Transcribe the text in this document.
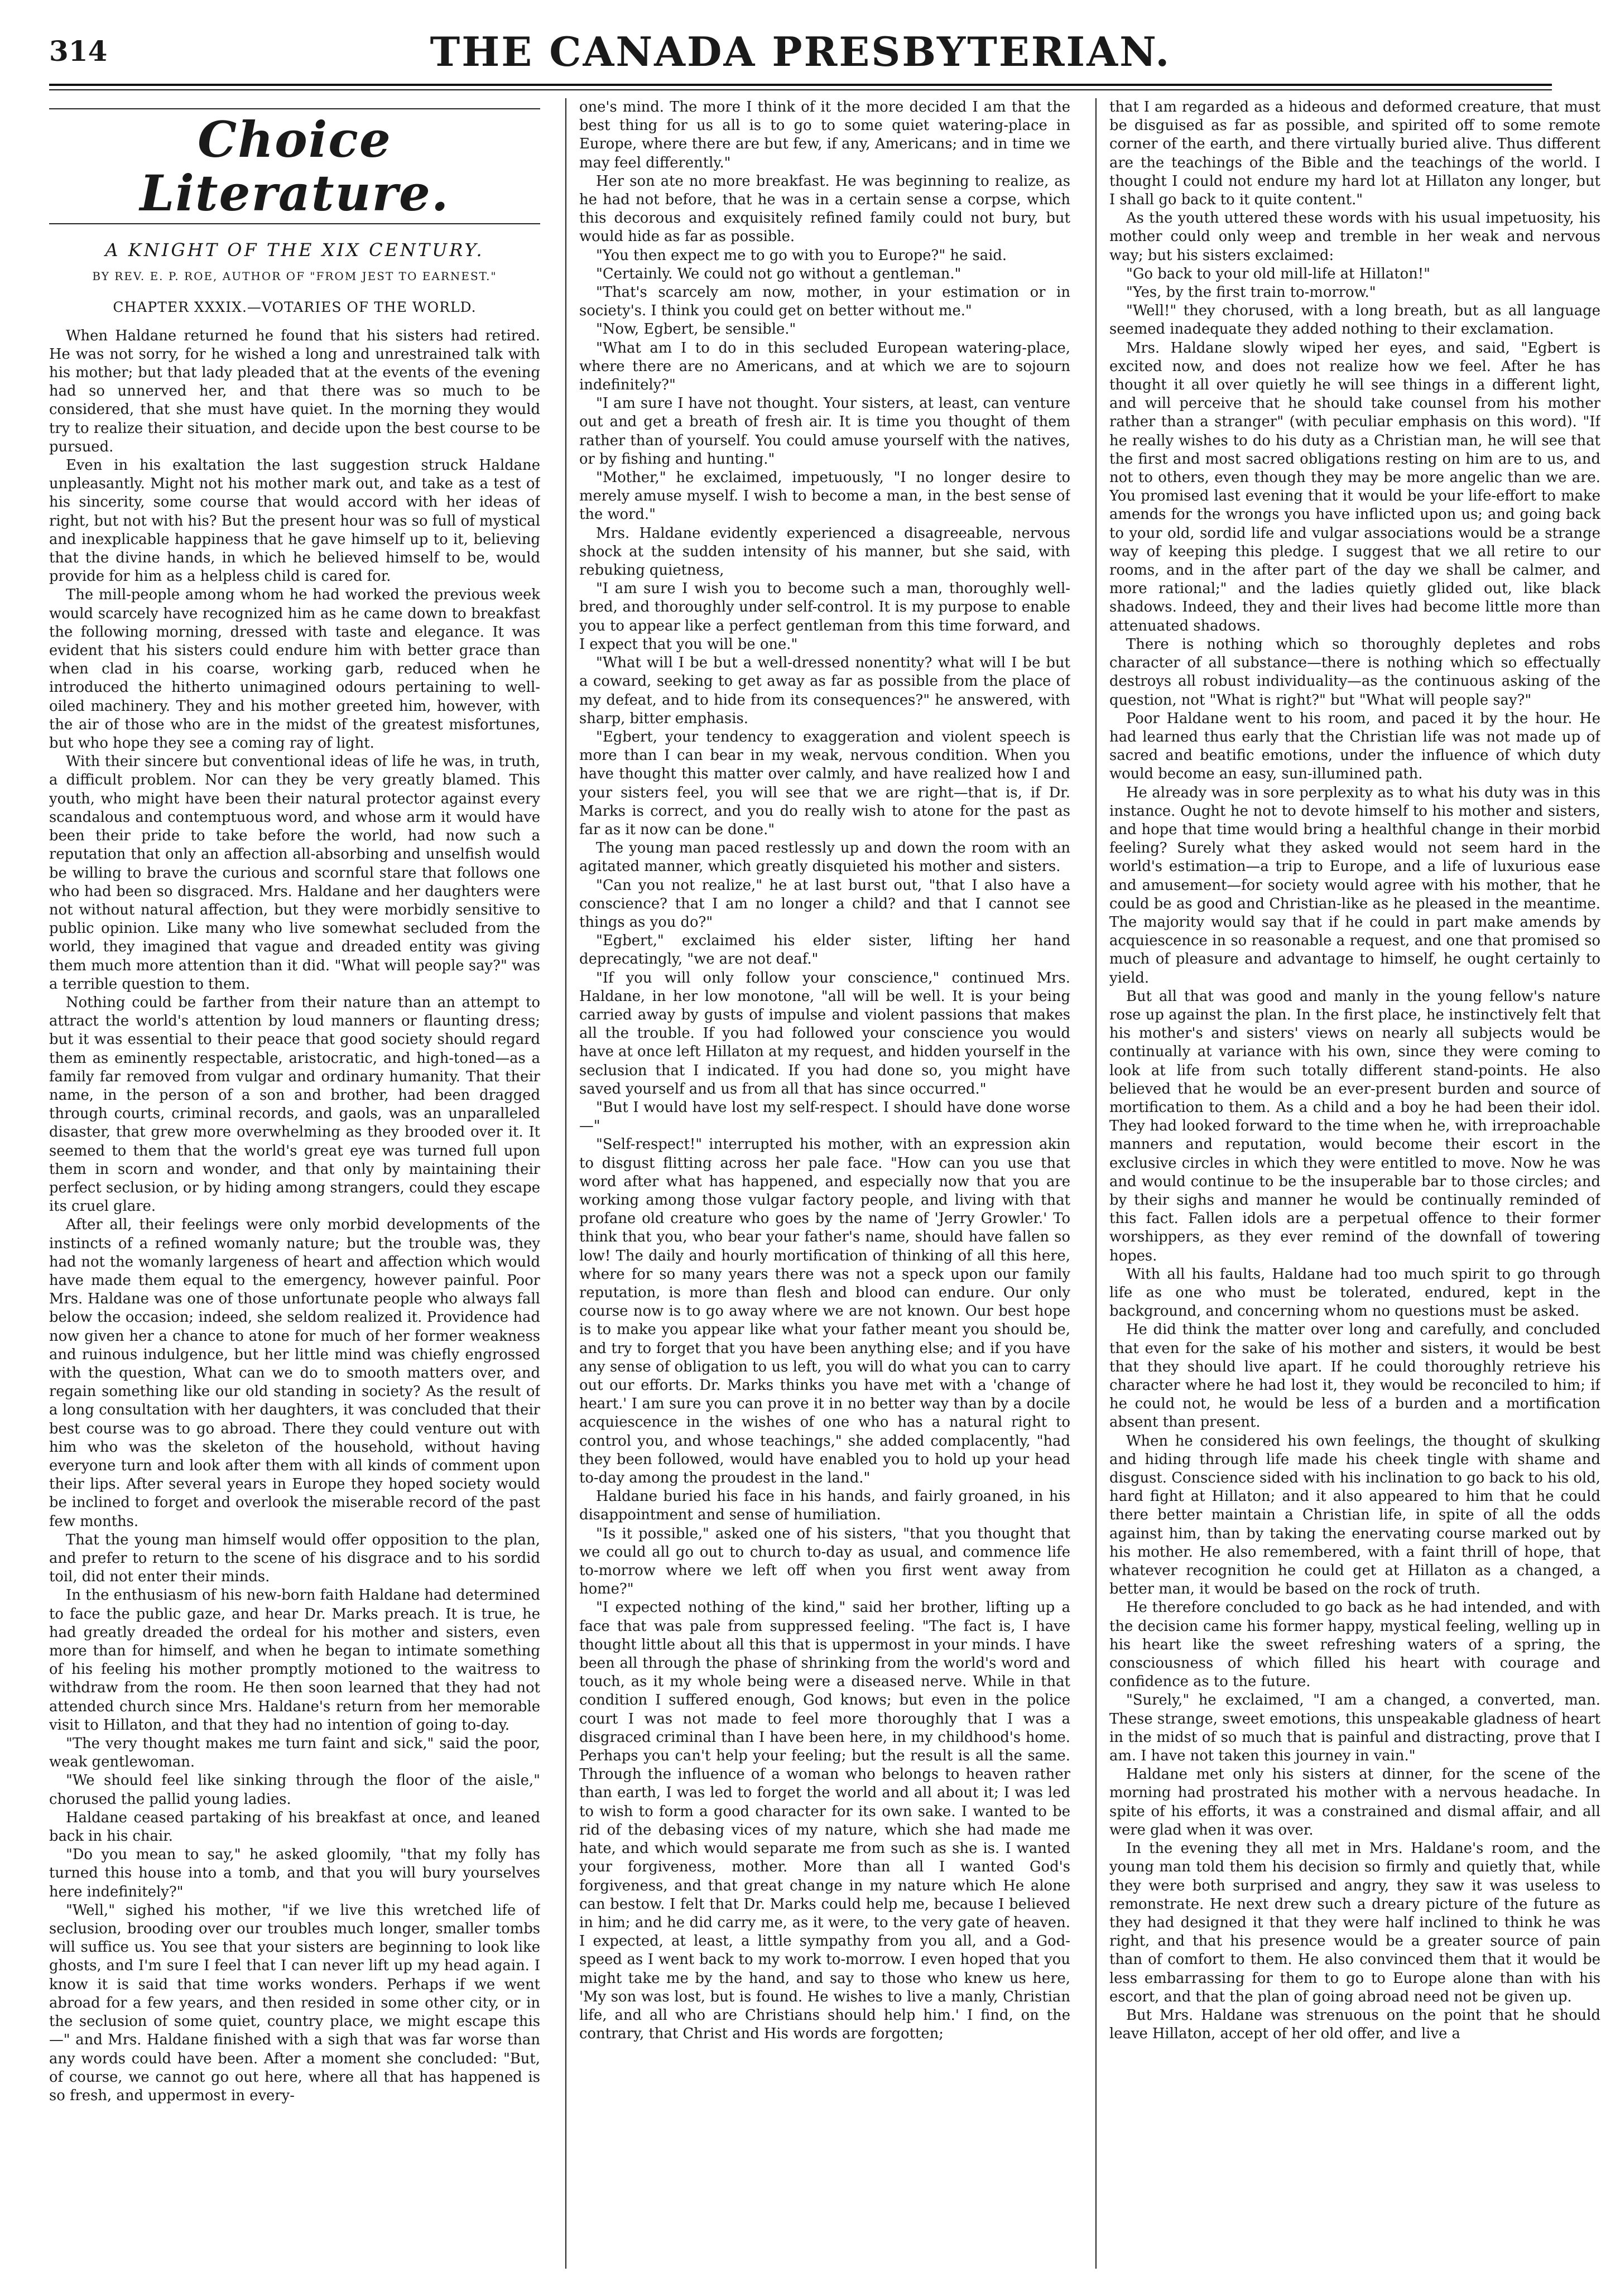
314	THE CANADA PRESBYTERIAN.
Choice Literature.
A KNIGHT OF THE XIX CENTURY.
BY REV. E. P. ROE, AUTHOR OF "FROM JEST TO EARNEST."
CHAPTER XXXIX.—VOTARIES OF THE WORLD.

When Haldane returned he found that his sisters had retired. He was not sorry, for he wished a long and unrestrained talk with his mother; but that lady pleaded that at the events of the evening had so unnerved her, and that there was so much to be considered, that she must have quiet. In the morning they would try to realize their situation, and decide upon the best course to be pursued.

Even in his exaltation the last suggestion struck Haldane unpleasantly. Might not his mother mark out, and take as a test of his sincerity, some course that would accord with her ideas of right, but not with his? But the present hour was so full of mystical and inexplicable happiness that he gave himself up to it, believing that the divine hands, in which he believed himself to be, would provide for him as a helpless child is cared for.

The mill-people among whom he had worked the previous week would scarcely have recognized him as he came down to breakfast the following morning, dressed with taste and elegance. It was evident that his sisters could endure him with better grace than when clad in his coarse, working garb, reduced when he introduced the hitherto unimagined odours pertaining to well-oiled machinery. They and his mother greeted him, however, with the air of those who are in the midst of the greatest misfortunes, but who hope they see a coming ray of light.

With their sincere but conventional ideas of life he was, in truth, a difficult problem. Nor can they be very greatly blamed. This youth, who might have been their natural protector against every scandalous and contemptuous word, and whose arm it would have been their pride to take before the world, had now such a reputation that only an affection all-absorbing and unselfish would be willing to brave the curious and scornful stare that follows one who had been so disgraced. Mrs. Haldane and her daughters were not without natural affection, but they were morbidly sensitive to public opinion. Like many who live somewhat secluded from the world, they imagined that vague and dreaded entity was giving them much more attention than it did. "What will people say?" was a terrible question to them.

Nothing could be farther from their nature than an attempt to attract the world's attention by loud manners or flaunting dress; but it was essential to their peace that good society should regard them as eminently respectable, aristocratic, and high-toned—as a family far removed from vulgar and ordinary humanity. That their name, in the person of a son and brother, had been dragged through courts, criminal records, and gaols, was an unparalleled disaster, that grew more overwhelming as they brooded over it. It seemed to them that the world's great eye was turned full upon them in scorn and wonder, and that only by maintaining their perfect seclusion, or by hiding among strangers, could they escape its cruel glare.

After all, their feelings were only morbid developments of the instincts of a refined womanly nature; but the trouble was, they had not the womanly largeness of heart and affection which would have made them equal to the emergency, however painful. Poor Mrs. Haldane was one of those unfortunate people who always fall below the occasion; indeed, she seldom realized it. Providence had now given her a chance to atone for much of her former weakness and ruinous indulgence, but her little mind was chiefly engrossed with the question, What can we do to smooth matters over, and regain something like our old standing in society? As the result of a long consultation with her daughters, it was concluded that their best course was to go abroad. There they could venture out with him who was the skeleton of the household, without having everyone turn and look after them with all kinds of comment upon their lips. After several years in Europe they hoped society would be inclined to forget and overlook the miserable record of the past few months.

That the young man himself would offer opposition to the plan, and prefer to return to the scene of his disgrace and to his sordid toil, did not enter their minds.

In the enthusiasm of his new-born faith Haldane had determined to face the public gaze, and hear Dr. Marks preach. It is true, he had greatly dreaded the ordeal for his mother and sisters, even more than for himself, and when he began to intimate something of his feeling his mother promptly motioned to the waitress to withdraw from the room. He then soon learned that they had not attended church since Mrs. Haldane's return from her memorable visit to Hillaton, and that they had no intention of going to-day.

"The very thought makes me turn faint and sick," said the poor, weak gentlewoman.

"We should feel like sinking through the floor of the aisle," chorused the pallid young ladies.

Haldane ceased partaking of his breakfast at once, and leaned back in his chair.

"Do you mean to say," he asked gloomily, "that my folly has turned this house into a tomb, and that you will bury yourselves here indefinitely?"

"Well," sighed his mother, "if we live this wretched life of seclusion, brooding over our troubles much longer, smaller tombs will suffice us. You see that your sisters are beginning to look like ghosts, and I'm sure I feel that I can never lift up my head again. I know it is said that time works wonders. Perhaps if we went abroad for a few years, and then resided in some other city, or in the seclusion of some quiet, country place, we might escape this—" and Mrs. Haldane finished with a sigh that was far worse than any words could have been. After a moment she concluded: "But, of course, we cannot go out here, where all that has happened is so fresh, and uppermost in every-

one's mind. The more I think of it the more decided I am that the best thing for us all is to go to some quiet watering-place in Europe, where there are but few, if any, Americans; and in time we may feel differently."

Her son ate no more breakfast. He was beginning to realize, as he had not before, that he was in a certain sense a corpse, which this decorous and exquisitely refined family could not bury, but would hide as far as possible.

"You then expect me to go with you to Europe?" he said.

"Certainly. We could not go without a gentleman."

"That's scarcely am now, mother, in your estimation or in society's. I think you could get on better without me."

"Now, Egbert, be sensible."

"What am I to do in this secluded European watering-place, where there are no Americans, and at which we are to sojourn indefinitely?"

"I am sure I have not thought. Your sisters, at least, can venture out and get a breath of fresh air. It is time you thought of them rather than of yourself. You could amuse yourself with the natives, or by fishing and hunting."

"Mother," he exclaimed, impetuously, "I no longer desire to merely amuse myself. I wish to become a man, in the best sense of the word."

Mrs. Haldane evidently experienced a disagreeable, nervous shock at the sudden intensity of his manner, but she said, with rebuking quietness,

"I am sure I wish you to become such a man, thoroughly well-bred, and thoroughly under self-control. It is my purpose to enable you to appear like a perfect gentleman from this time forward, and I expect that you will be one."

"What will I be but a well-dressed nonentity? what will I be but a coward, seeking to get away as far as possible from the place of my defeat, and to hide from its consequences?" he answered, with sharp, bitter emphasis.

"Egbert, your tendency to exaggeration and violent speech is more than I can bear in my weak, nervous condition. When you have thought this matter over calmly, and have realized how I and your sisters feel, you will see that we are right—that is, if Dr. Marks is correct, and you do really wish to atone for the past as far as it now can be done."

The young man paced restlessly up and down the room with an agitated manner, which greatly disquieted his mother and sisters.

"Can you not realize," he at last burst out, "that I also have a conscience? that I am no longer a child? and that I cannot see things as you do?"

"Egbert," exclaimed his elder sister, lifting her hand deprecatingly, "we are not deaf."

"If you will only follow your conscience," continued Mrs. Haldane, in her low monotone, "all will be well. It is your being carried away by gusts of impulse and violent passions that makes all the trouble. If you had followed your conscience you would have at once left Hillaton at my request, and hidden yourself in the seclusion that I indicated. If you had done so, you might have saved yourself and us from all that has since occurred."

"But I would have lost my self-respect. I should have done worse—"

"Self-respect!" interrupted his mother, with an expression akin to disgust flitting across her pale face. "How can you use that word after what has happened, and especially now that you are working among those vulgar factory people, and living with that profane old creature who goes by the name of 'Jerry Growler.' To think that you, who bear your father's name, should have fallen so low! The daily and hourly mortification of thinking of all this here, where for so many years there was not a speck upon our family reputation, is more than flesh and blood can endure. Our only course now is to go away where we are not known. Our best hope is to make you appear like what your father meant you should be, and try to forget that you have been anything else; and if you have any sense of obligation to us left, you will do what you can to carry out our efforts. Dr. Marks thinks you have met with a 'change of heart.' I am sure you can prove it in no better way than by a docile acquiescence in the wishes of one who has a natural right to control you, and whose teachings," she added complacently, "had they been followed, would have enabled you to hold up your head to-day among the proudest in the land."

Haldane buried his face in his hands, and fairly groaned, in his disappointment and sense of humiliation.

"Is it possible," asked one of his sisters, "that you thought that we could all go out to church to-day as usual, and commence life to-morrow where we left off when you first went away from home?"

"I expected nothing of the kind," said her brother, lifting up a face that was pale from suppressed feeling. "The fact is, I have thought little about all this that is uppermost in your minds. I have been all through the phase of shrinking from the world's word and touch, as it my whole being were a diseased nerve. While in that condition I suffered enough, God knows; but even in the police court I was not made to feel more thoroughly that I was a disgraced criminal than I have been here, in my childhood's home. Perhaps you can't help your feeling; but the result is all the same. Through the influence of a woman who belongs to heaven rather than earth, I was led to forget the world and all about it; I was led to wish to form a good character for its own sake. I wanted to be rid of the debasing vices of my nature, which she had made me hate, and which would separate me from such as she is. I wanted your forgiveness, mother. More than all I wanted God's forgiveness, and that great change in my nature which He alone can bestow. I felt that Dr. Marks could help me, because I believed in him; and he did carry me, as it were, to the very gate of heaven. I expected, at least, a little sympathy from you all, and a God-speed as I went back to my work to-morrow. I even hoped that you might take me by the hand, and say to those who knew us here, 'My son was lost, but is found. He wishes to live a manly, Christian life, and all who are Christians should help him.' I find, on the contrary, that Christ and His words are forgotten;

that I am regarded as a hideous and deformed creature, that must be disguised as far as possible, and spirited off to some remote corner of the earth, and there virtually buried alive. Thus different are the teachings of the Bible and the teachings of the world. I thought I could not endure my hard lot at Hillaton any longer, but I shall go back to it quite content."

As the youth uttered these words with his usual impetuosity, his mother could only weep and tremble in her weak and nervous way; but his sisters exclaimed:

"Go back to your old mill-life at Hillaton!"

"Yes, by the first train to-morrow."

"Well!" they chorused, with a long breath, but as all language seemed inadequate they added nothing to their exclamation.

Mrs. Haldane slowly wiped her eyes, and said, "Egbert is excited now, and does not realize how we feel. After he has thought it all over quietly he will see things in a different light, and will perceive that he should take counsel from his mother rather than a stranger" (with peculiar emphasis on this word). "If he really wishes to do his duty as a Christian man, he will see that the first and most sacred obligations resting on him are to us, and not to others, even though they may be more angelic than we are. You promised last evening that it would be your life-effort to make amends for the wrongs you have inflicted upon us; and going back to your old, sordid life and vulgar associations would be a strange way of keeping this pledge. I suggest that we all retire to our rooms, and in the after part of the day we shall be calmer, and more rational;" and the ladies quietly glided out, like black shadows. Indeed, they and their lives had become little more than attenuated shadows.

There is nothing which so thoroughly depletes and robs character of all substance—there is nothing which so effectually destroys all robust individuality—as the continuous asking of the question, not "What is right?" but "What will people say?"

Poor Haldane went to his room, and paced it by the hour. He had learned thus early that the Christian life was not made up of sacred and beatific emotions, under the influence of which duty would become an easy, sun-illumined path.

He already was in sore perplexity as to what his duty was in this instance. Ought he not to devote himself to his mother and sisters, and hope that time would bring a healthful change in their morbid feeling? Surely what they asked would not seem hard in the world's estimation—a trip to Europe, and a life of luxurious ease and amusement—for society would agree with his mother, that he could be as good and Christian-like as he pleased in the meantime. The majority would say that if he could in part make amends by acquiescence in so reasonable a request, and one that promised so much of pleasure and advantage to himself, he ought certainly to yield.

But all that was good and manly in the young fellow's nature rose up against the plan. In the first place, he instinctively felt that his mother's and sisters' views on nearly all subjects would be continually at variance with his own, since they were coming to look at life from such totally different stand-points. He also believed that he would be an ever-present burden and source of mortification to them. As a child and a boy he had been their idol. They had looked forward to the time when he, with irreproachable manners and reputation, would become their escort in the exclusive circles in which they were entitled to move. Now he was and would continue to be the insuperable bar to those circles; and by their sighs and manner he would be continually reminded of this fact. Fallen idols are a perpetual offence to their former worshippers, as they ever remind of the downfall of towering hopes.

With all his faults, Haldane had too much spirit to go through life as one who must be tolerated, endured, kept in the background, and concerning whom no questions must be asked.

He did think the matter over long and carefully, and concluded that even for the sake of his mother and sisters, it would be best that they should live apart. If he could thoroughly retrieve his character where he had lost it, they would be reconciled to him; if he could not, he would be less of a burden and a mortification absent than present.

When he considered his own feelings, the thought of skulking and hiding through life made his cheek tingle with shame and disgust. Conscience sided with his inclination to go back to his old, hard fight at Hillaton; and it also appeared to him that he could there better maintain a Christian life, in spite of all the odds against him, than by taking the enervating course marked out by his mother. He also remembered, with a faint thrill of hope, that whatever recognition he could get at Hillaton as a changed, a better man, it would be based on the rock of truth.

He therefore concluded to go back as he had intended, and with the decision came his former happy, mystical feeling, welling up in his heart like the sweet refreshing waters of a spring, the consciousness of which filled his heart with courage and confidence as to the future.

"Surely," he exclaimed, "I am a changed, a converted, man. These strange, sweet emotions, this unspeakable gladness of heart in the midst of so much that is painful and distracting, prove that I am. I have not taken this journey in vain."

Haldane met only his sisters at dinner, for the scene of the morning had prostrated his mother with a nervous headache. In spite of his efforts, it was a constrained and dismal affair, and all were glad when it was over.

In the evening they all met in Mrs. Haldane's room, and the young man told them his decision so firmly and quietly that, while they were both surprised and angry, they saw it was useless to remonstrate. He next drew such a dreary picture of the future as they had designed it that they were half inclined to think he was right, and that his presence would be a greater source of pain than of comfort to them. He also convinced them that it would be less embarrassing for them to go to Europe alone than with his escort, and that the plan of going abroad need not be given up.

But Mrs. Haldane was strenuous on the point that he should leave Hillaton, accept of her old offer, and live a
